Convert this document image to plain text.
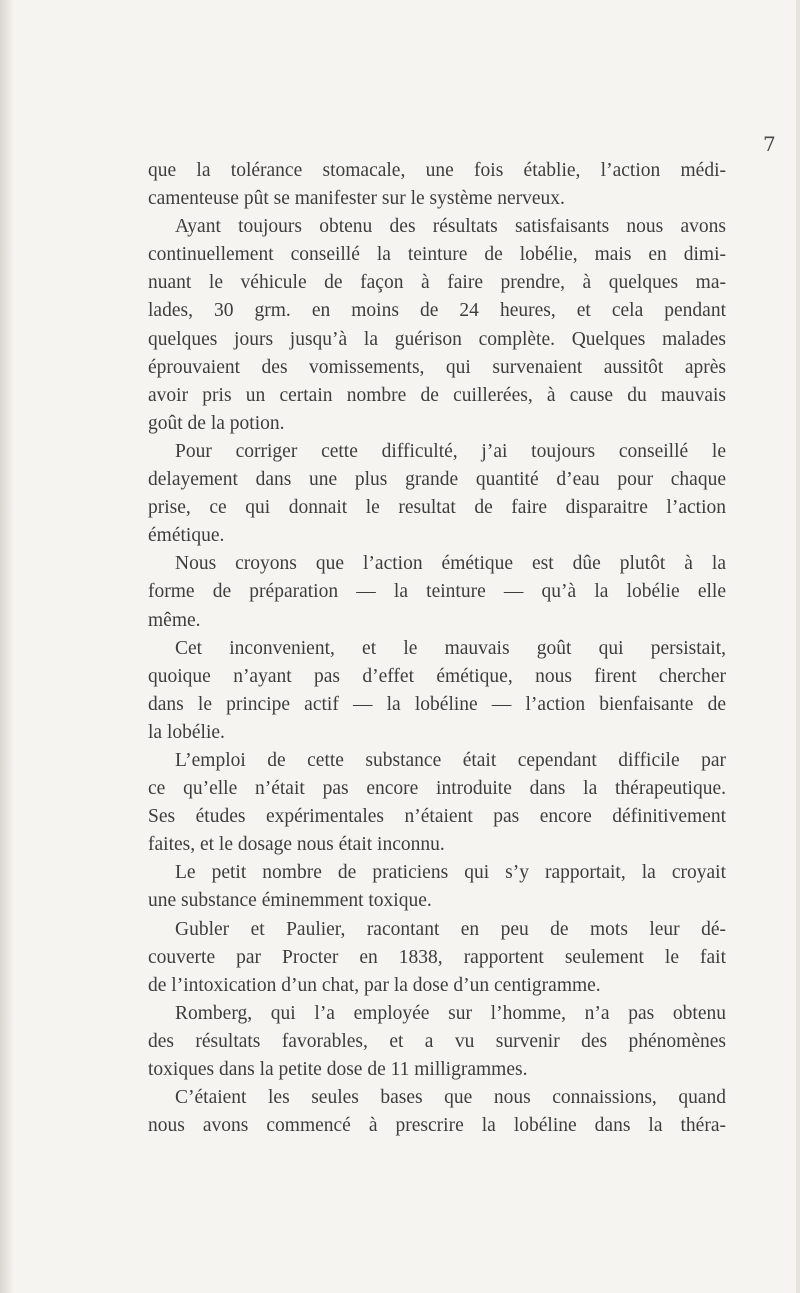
7

que la tolérance stomacale, une fois établie, l’action médi-
camenteuse pût se manifester sur le système nerveux.

Ayant toujours obtenu des résultats satisfaisants nous avons
continuellement conseillé la teinture de lobélie, mais en dimi-
nuant le véhicule de façon à faire prendre, à quelques ma-
lades, 30 grm. en moins de 24 heures, et cela pendant
quelques jours jusqu’à la guérison complète. Quelques malades
éprouvaient des vomissements, qui survenaient aussitôt après
avoir pris un certain nombre de cuillerées, à cause du mauvais
goût de la potion.

Pour corriger cette difficulté, j’ai toujours conseillé le
delayement dans une plus grande quantité d’eau pour chaque
prise, ce qui donnait le resultat de faire disparaitre l’action
émétique.

Nous croyons que l’action émétique est dûe plutôt à la
forme de préparation — la teinture — qu’à la lobélie elle
même.

Cet inconvenient, et le mauvais goût qui persistait,
quoique n’ayant pas d’effet émétique, nous firent chercher
dans le principe actif — la lobéline — l’action bienfaisante de
la lobélie.

L’emploi de cette substance était cependant difficile par
ce qu’elle n’était pas encore introduite dans la thérapeutique.
Ses études expérimentales n’étaient pas encore définitivement
faites, et le dosage nous était inconnu.

Le petit nombre de praticiens qui s’y rapportait, la croyait
une substance éminemment toxique.

Gubler et Paulier, racontant en peu de mots leur dé-
couverte par Procter en 1838, rapportent seulement le fait
de l’intoxication d’un chat, par la dose d’un centigramme.

Romberg, qui l’a employée sur l’homme, n’a pas obtenu
des résultats favorables, et a vu survenir des phénomènes
toxiques dans la petite dose de 11 milligrammes.

C’étaient les seules bases que nous connaissions, quand
nous avons commencé à prescrire la lobéline dans la théra-
